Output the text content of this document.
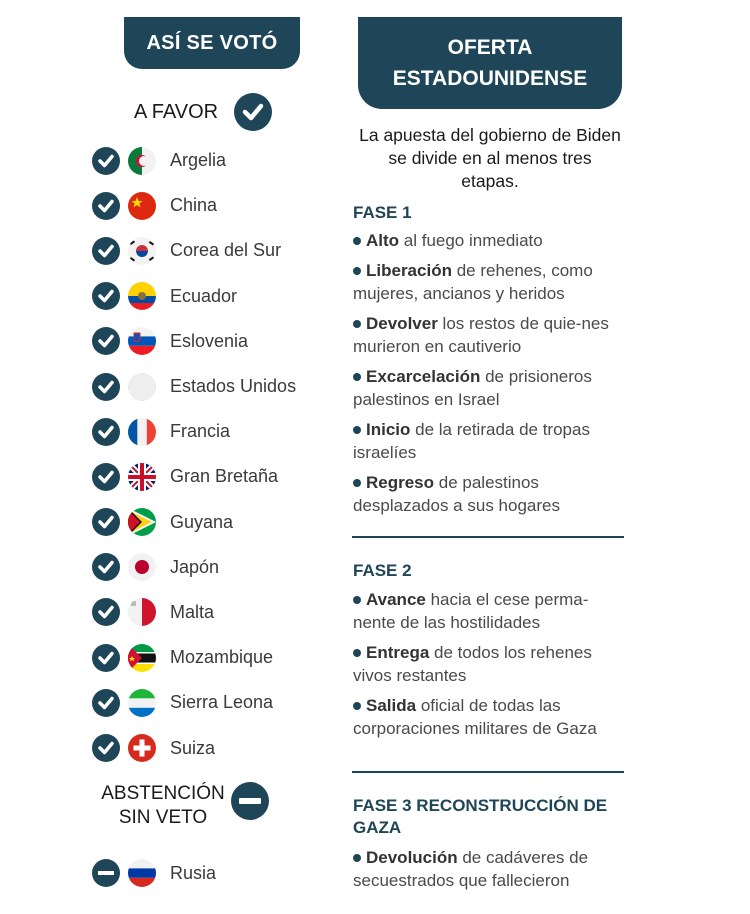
ASÍ SE VOTÓ	OFERTA
ESTADOUNIDENSE
A FAVOR
Argelia
China
Corea del Sur
Ecuador
Eslovenia
Estados Unidos
Francia
Gran Bretaña
Guyana
Japón
Malta
Mozambique
Sierra Leona
Suiza
ABSTENCIÓN
SIN VETO
Rusia
La apuesta del gobierno de Biden se divide en al menos tres etapas.
FASE 1

Alto al fuego inmediato

Liberación de rehenes, como mujeres, ancianos y heridos

Devolver los restos de quie-nes murieron en cautiverio

Excarcelación de prisioneros palestinos en Israel

Inicio de la retirada de tropas israelíes

Regreso de palestinos desplazados a sus hogares

FASE 2

Avance hacia el cese perma-nente de las hostilidades

Entrega de todos los rehenes vivos restantes

Salida oficial de todas las corporaciones militares de Gaza

FASE 3 RECONSTRUCCIÓN DE GAZA

Devolución de cadáveres de secuestrados que fallecieron
